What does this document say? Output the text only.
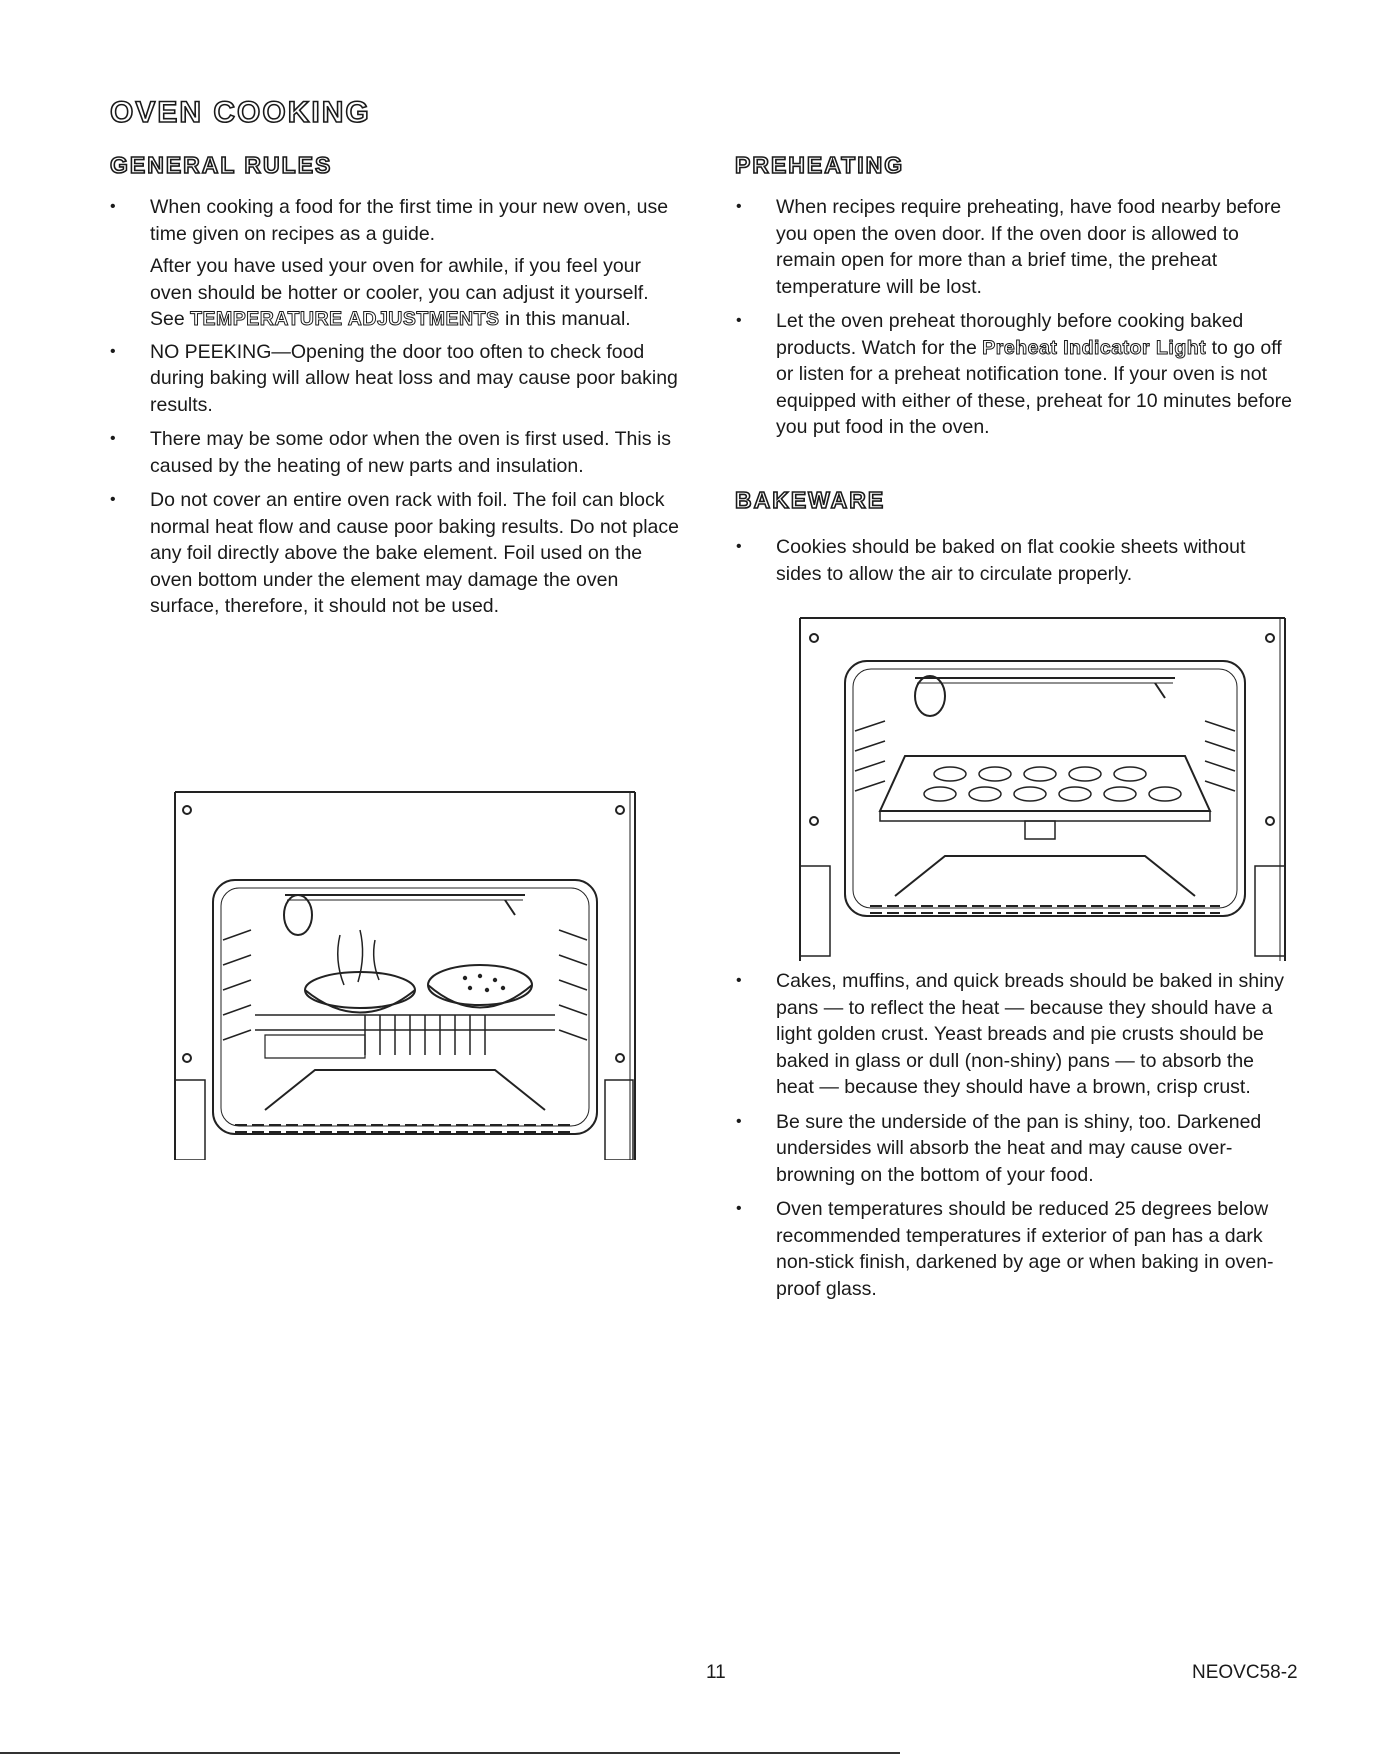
OVEN COOKING
GENERAL RULES	PREHEATING
BAKEWARE

• When cooking a food for the first time in your new oven, use time given on recipes as a guide.

After you have used your oven for awhile, if you feel your oven should be hotter or cooler, you can adjust it yourself. See TEMPERATURE ADJUSTMENTS in this manual.

• NO PEEKING—Opening the door too often to check food during baking will allow heat loss and may cause poor baking results.

• There may be some odor when the oven is first used. This is caused by the heating of new parts and insulation.

• Do not cover an entire oven rack with foil. The foil can block normal heat flow and cause poor baking results. Do not place any foil directly above the bake element. Foil used on the oven bottom under the element may damage the oven surface, therefore, it should not be used.

• When recipes require preheating, have food nearby before you open the oven door. If the oven door is allowed to remain open for more than a brief time, the preheat temperature will be lost.

• Let the oven preheat thoroughly before cooking baked products. Watch for the Preheat Indicator Light to go off or listen for a preheat notification tone. If your oven is not equipped with either of these, preheat for 10 minutes before you put food in the oven.

• Cookies should be baked on flat cookie sheets without sides to allow the air to circulate properly.

• Cakes, muffins, and quick breads should be baked in shiny pans — to reflect the heat — because they should have a light golden crust. Yeast breads and pie crusts should be baked in glass or dull (non-shiny) pans — to absorb the heat — because they should have a brown, crisp crust.

• Be sure the underside of the pan is shiny, too. Darkened undersides will absorb the heat and may cause over-browning on the bottom of your food.

• Oven temperatures should be reduced 25 degrees below recommended temperatures if exterior of pan has a dark non-stick finish, darkened by age or when baking in oven-proof glass.

11	NEOVC58-2
